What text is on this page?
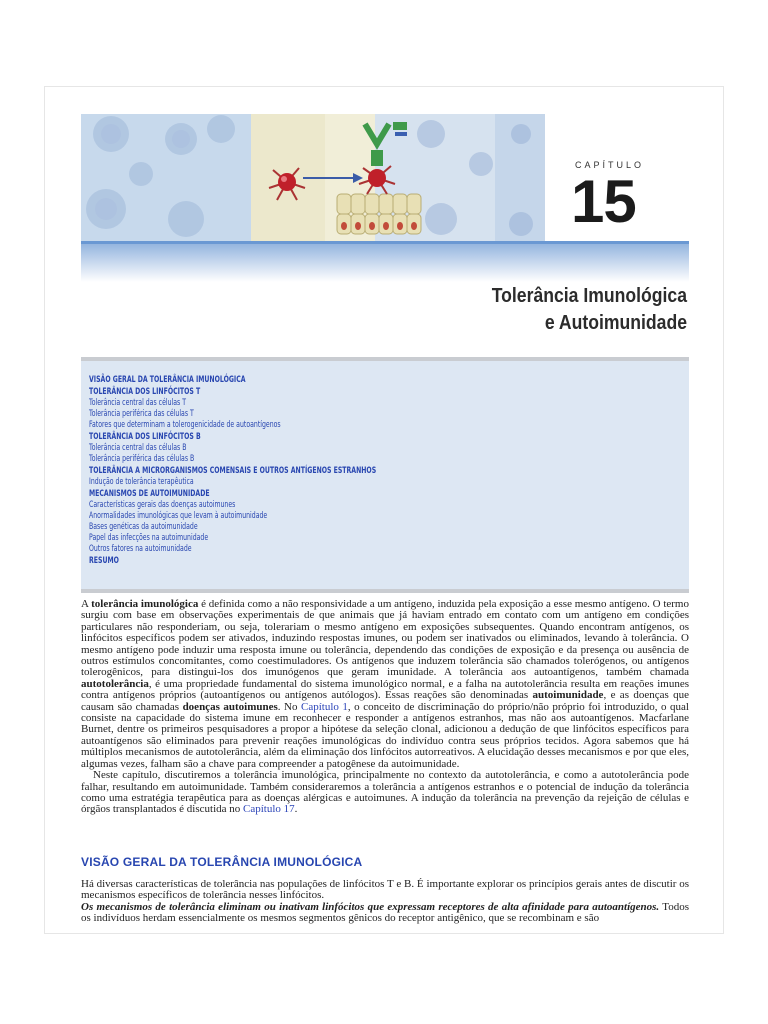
CAPÍTULO
15
Tolerância Imunológica
e Autoimunidade
VISÃO GERAL DA TOLERÂNCIA IMUNOLÓGICA
TOLERÂNCIA DOS LINFÓCITOS T
Tolerância central das células T
Tolerância periférica das células T
Fatores que determinam a tolerogenicidade de autoantígenos
TOLERÂNCIA DOS LINFÓCITOS B
Tolerância central das células B
Tolerância periférica das células B
TOLERÂNCIA A MICRORGANISMOS COMENSAIS E OUTROS ANTÍGENOS ESTRANHOS
Indução de tolerância terapêutica
MECANISMOS DE AUTOIMUNIDADE
Características gerais das doenças autoimunes
Anormalidades imunológicas que levam à autoimunidade
Bases genéticas da autoimunidade
Papel das infecções na autoimunidade
Outros fatores na autoimunidade
RESUMO

A tolerância imunológica é definida como a não responsividade a um antígeno, induzida pela exposição a esse mesmo antígeno. O termo surgiu com base em observações experimentais de que animais que já haviam entrado em contato com um antígeno em condições particulares não responderiam, ou seja, tolerariam o mesmo antígeno em exposições subsequentes. Quando encontram antígenos, os linfócitos específicos podem ser ativados, induzindo respostas imunes, ou podem ser inativados ou eliminados, levando à tolerância. O mesmo antígeno pode induzir uma resposta imune ou tolerância, dependendo das condições de exposição e da presença ou ausência de outros estímulos concomitantes, como coestimuladores. Os antígenos que induzem tolerância são chamados tolerógenos, ou antígenos tolerogênicos, para distingui-los dos imunógenos que geram imunidade. A tolerância aos autoantígenos, também chamada autotolerância, é uma propriedade fundamental do sistema imunológico normal, e a falha na autotolerância resulta em reações imunes contra antígenos próprios (autoantígenos ou antígenos autólogos). Essas reações são denominadas autoimunidade, e as doenças que causam são chamadas doenças autoimunes. No Capítulo 1, o conceito de discriminação do próprio/não próprio foi introduzido, o qual consiste na capacidade do sistema imune em reconhecer e responder a antígenos estranhos, mas não aos autoantígenos. Macfarlane Burnet, dentre os primeiros pesquisadores a propor a hipótese da seleção clonal, adicionou a dedução de que linfócitos específicos para autoantígenos são eliminados para prevenir reações imunológicas do indivíduo contra seus próprios tecidos. Agora sabemos que há múltiplos mecanismos de autotolerância, além da eliminação dos linfócitos autorreativos. A elucidação desses mecanismos e por que eles, algumas vezes, falham são a chave para compreender a patogênese da autoimunidade.

Neste capítulo, discutiremos a tolerância imunológica, principalmente no contexto da autotolerância, e como a autotolerância pode falhar, resultando em autoimunidade. Também consideraremos a tolerância a antígenos estranhos e o potencial de indução da tolerância como uma estratégia terapêutica para as doenças alérgicas e autoimunes. A indução da tolerância na prevenção da rejeição de células e órgãos transplantados é discutida no Capítulo 17.

VISÃO GERAL DA TOLERÂNCIA IMUNOLÓGICA

Há diversas características de tolerância nas populações de linfócitos T e B. É importante explorar os princípios gerais antes de discutir os mecanismos específicos de tolerância nesses linfócitos.

Os mecanismos de tolerância eliminam ou inativam linfócitos que expressam receptores de alta afinidade para autoantígenos. Todos os indivíduos herdam essencialmente os mesmos segmentos gênicos do receptor antigênico, que se recombinam e são
